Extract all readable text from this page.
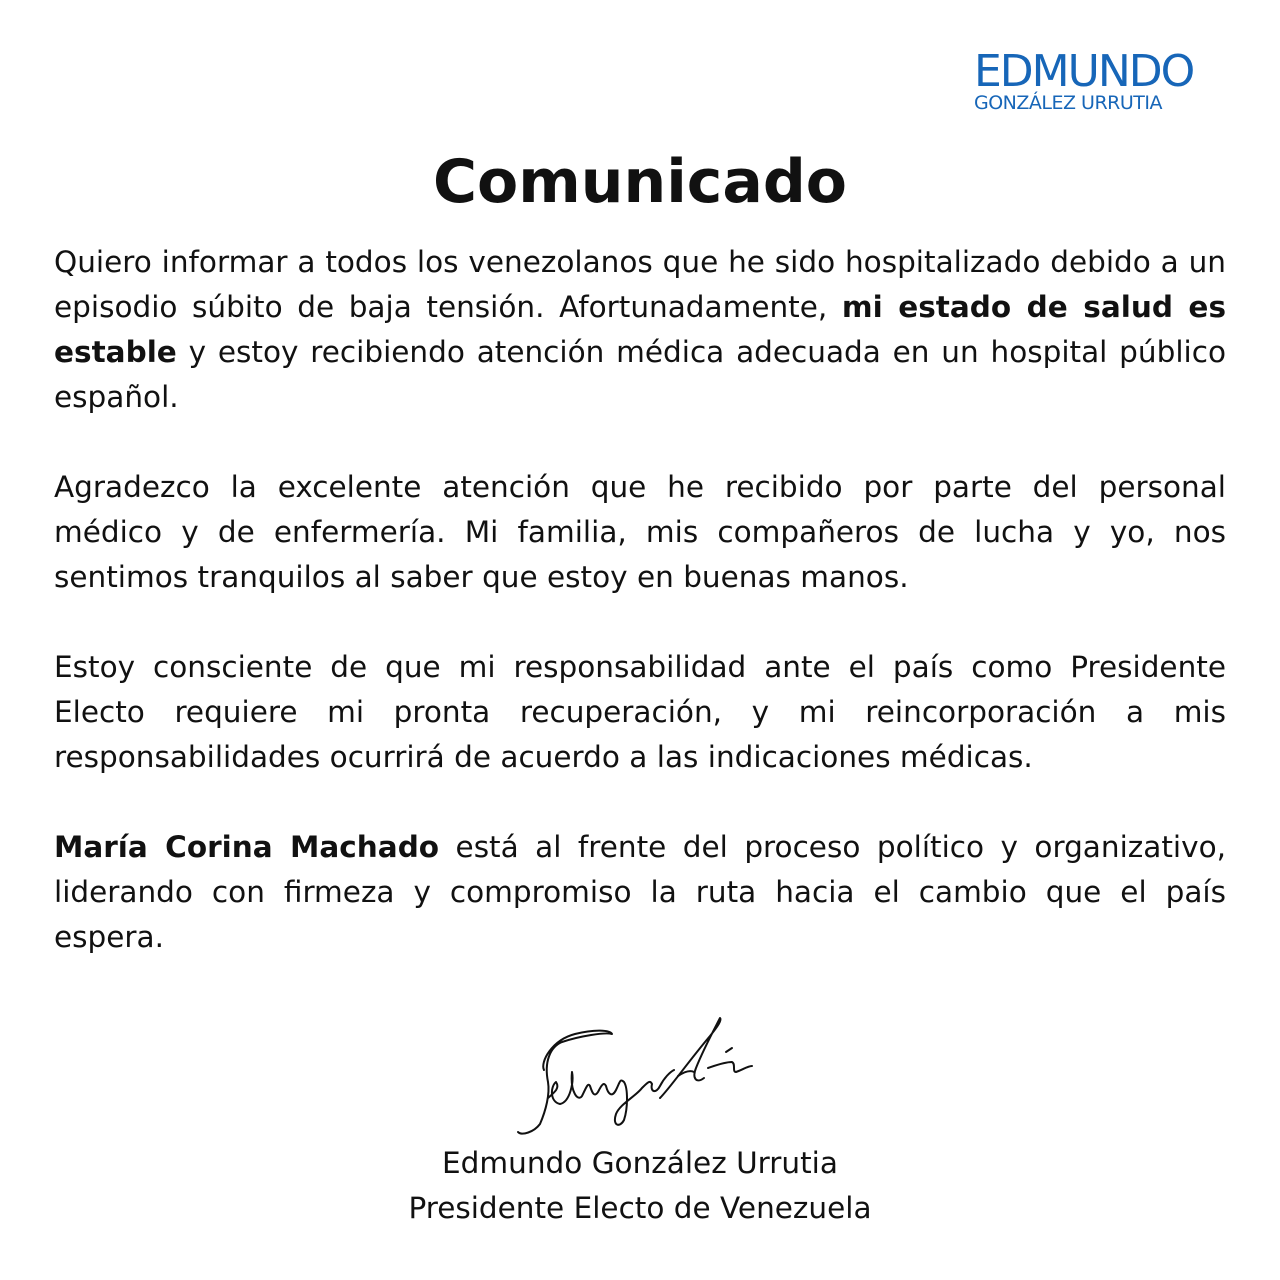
EDMUNDO
GONZÁLEZ URRUTIA
Comunicado

Quiero informar a todos los venezolanos que he sido hospitalizado debido a un episodio súbito de baja tensión. Afortunadamente, mi estado de salud es estable y estoy recibiendo atención médica adecuada en un hospital público español.

Agradezco la excelente atención que he recibido por parte del personal médico y de enfermería. Mi familia, mis compañeros de lucha y yo, nos sentimos tranquilos al saber que estoy en buenas manos.

Estoy consciente de que mi responsabilidad ante el país como Presidente Electo requiere mi pronta recuperación, y mi reincorporación a mis responsabilidades ocurrirá de acuerdo a las indicaciones médicas.

María Corina Machado está al frente del proceso político y organizativo, liderando con firmeza y compromiso la ruta hacia el cambio que el país espera.

Edmundo González Urrutia
Presidente Electo de Venezuela
